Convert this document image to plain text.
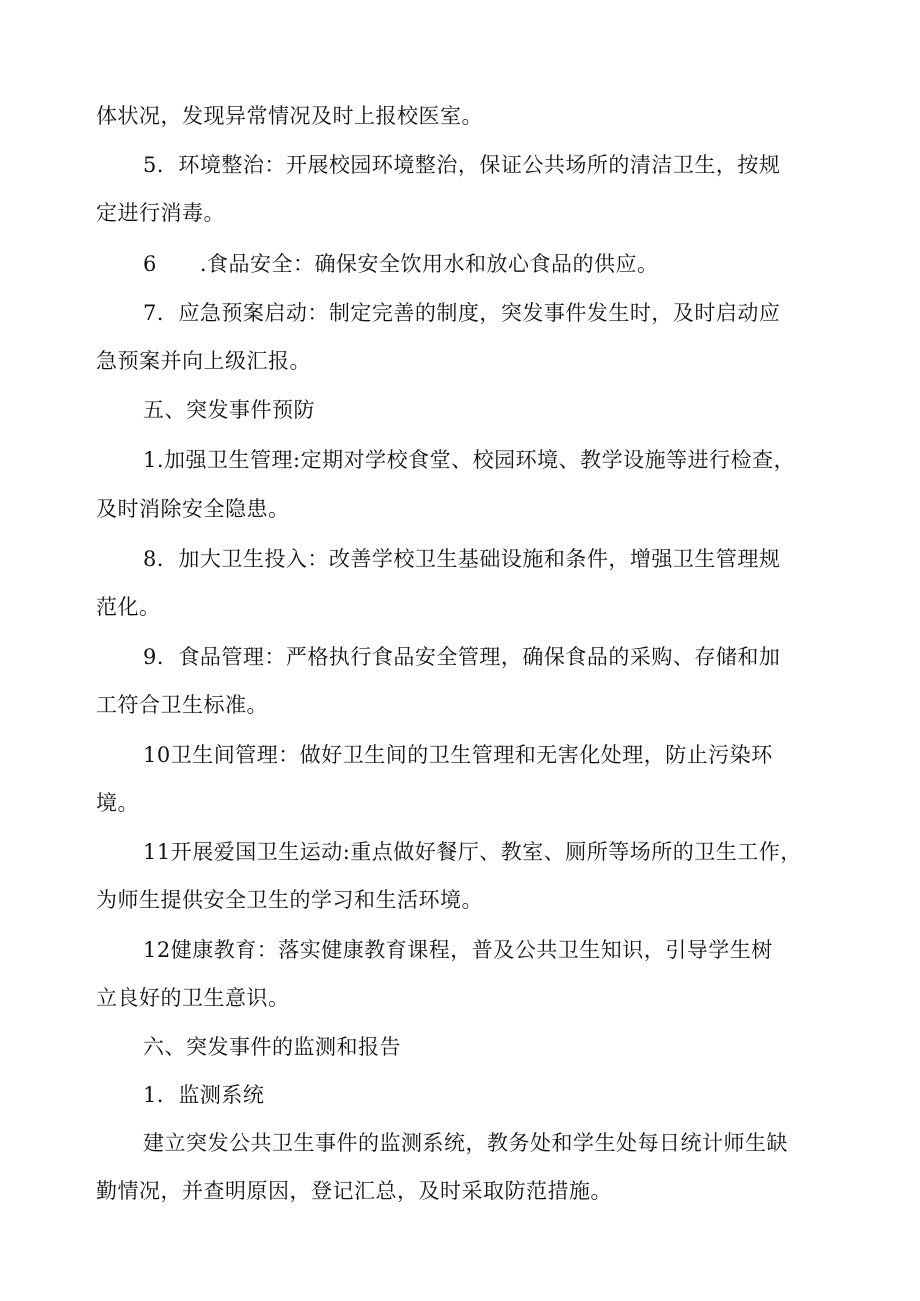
体状况，发现异常情况及时上报校医室。

5．环境整治：开展校园环境整治，保证公共场所的清洁卫生，按规

定进行消毒。

6　　.食品安全：确保安全饮用水和放心食品的供应。

7．应急预案启动：制定完善的制度，突发事件发生时，及时启动应

急预案并向上级汇报。

五、突发事件预防

1.加强卫生管理:定期对学校食堂、校园环境、教学设施等进行检查，

及时消除安全隐患。

8．加大卫生投入：改善学校卫生基础设施和条件，增强卫生管理规

范化。

9．食品管理：严格执行食品安全管理，确保食品的采购、存储和加

工符合卫生标准。

10卫生间管理：做好卫生间的卫生管理和无害化处理，防止污染环

境。

11开展爱国卫生运动:重点做好餐厅、教室、厕所等场所的卫生工作，

为师生提供安全卫生的学习和生活环境。

12健康教育：落实健康教育课程，普及公共卫生知识，引导学生树

立良好的卫生意识。

六、突发事件的监测和报告

1．监测系统

建立突发公共卫生事件的监测系统，教务处和学生处每日统计师生缺

勤情况，并查明原因，登记汇总，及时采取防范措施。
